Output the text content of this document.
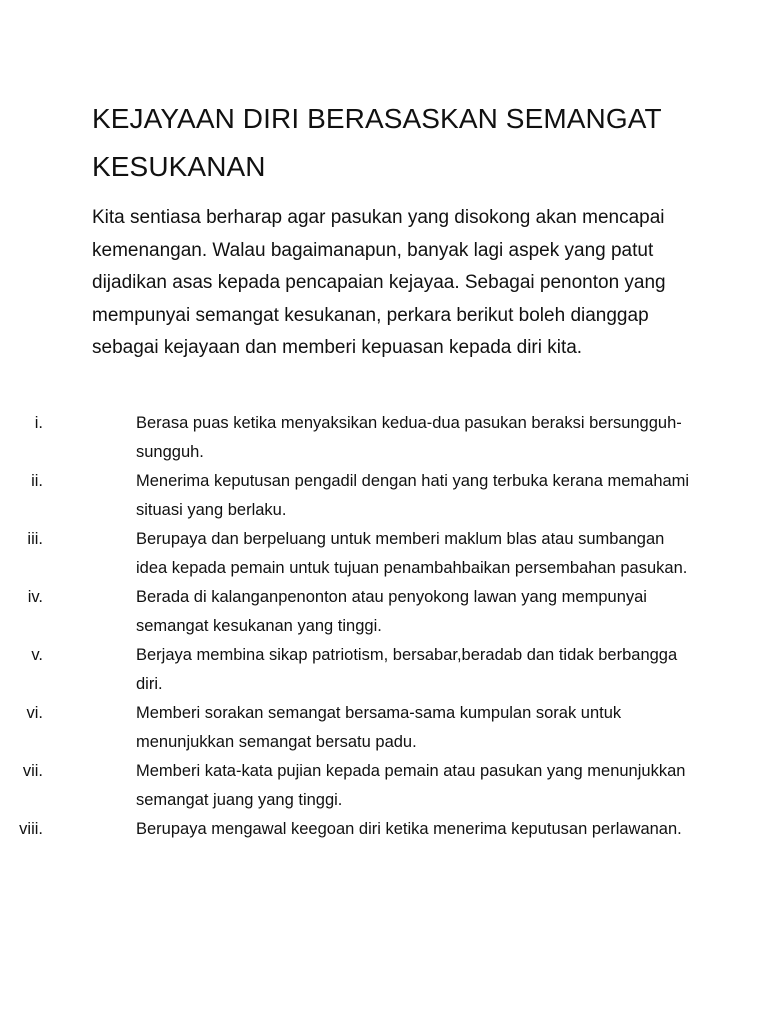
KEJAYAAN DIRI BERASASKAN SEMANGAT KESUKANAN

Kita sentiasa berharap agar pasukan yang disokong akan mencapai kemenangan. Walau bagaimanapun, banyak lagi aspek yang patut dijadikan asas kepada pencapaian kejayaa. Sebagai penonton yang mempunyai semangat kesukanan, perkara berikut boleh dianggap sebagai kejayaan dan memberi kepuasan kepada diri kita.

i.	Berasa puas ketika menyaksikan kedua-dua pasukan beraksi bersungguh-sungguh.
ii.	Menerima keputusan pengadil dengan hati yang terbuka kerana memahami situasi yang berlaku.
iii.	Berupaya dan berpeluang untuk memberi maklum blas atau sumbangan idea kepada pemain untuk tujuan penambahbaikan persembahan pasukan.
iv.	Berada di kalanganpenonton atau penyokong lawan yang mempunyai semangat kesukanan yang tinggi.
v.	Berjaya membina sikap patriotism, bersabar,beradab dan tidak berbangga diri.
vi.	Memberi sorakan semangat bersama-sama kumpulan sorak untuk menunjukkan semangat bersatu padu.
vii.	Memberi kata-kata pujian kepada pemain atau pasukan yang menunjukkan semangat juang yang tinggi.
viii.	Berupaya mengawal keegoan diri ketika menerima keputusan perlawanan.
